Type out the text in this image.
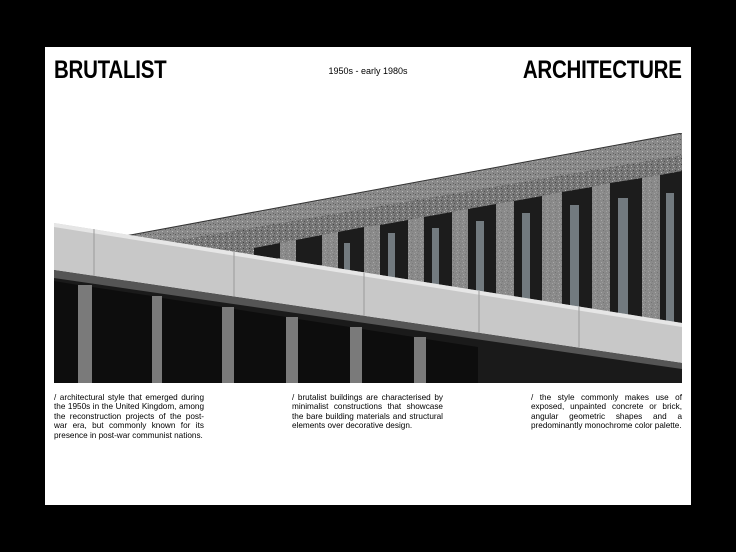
BRUTALIST	1950s - early 1980s	ARCHITECTURE
/ architectural style that emerged during the 1950s in the United Kingdom, among the reconstruction projects of the post-war era, but commonly known for its presence in post-war communist nations.
/ brutalist buildings are characterised by minimalist constructions that showcase the bare building materials and structural elements over decorative design.
/ the style commonly makes use of exposed, unpainted concrete or brick, angular geometric shapes and a predominantly monochrome color palette.
